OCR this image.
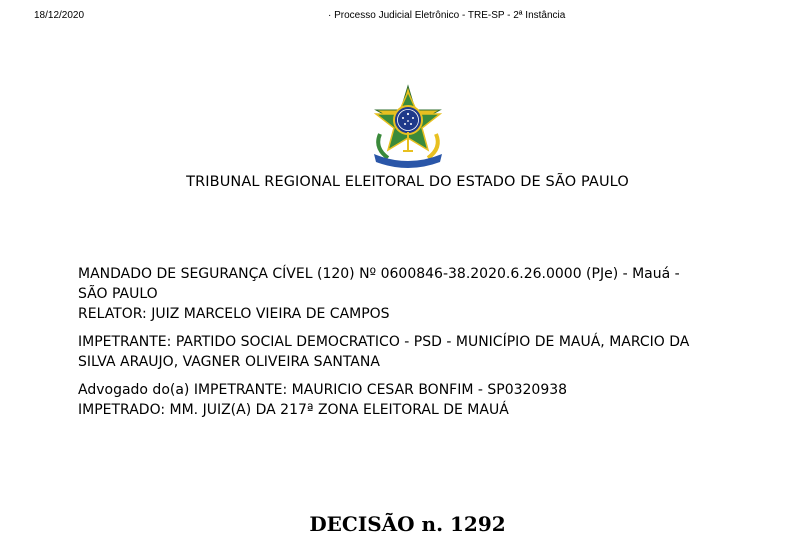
18/12/2020	· Processo Judicial Eletrônico - TRE-SP - 2ª Instância
TRIBUNAL REGIONAL ELEITORAL DO ESTADO DE SÃO PAULO

MANDADO DE SEGURANÇA CÍVEL (120) Nº 0600846-38.2020.6.26.0000 (PJe) - Mauá -

SÃO PAULO

RELATOR: JUIZ MARCELO VIEIRA DE CAMPOS

IMPETRANTE: PARTIDO SOCIAL DEMOCRATICO - PSD - MUNICÍPIO DE MAUÁ, MARCIO DA

SILVA ARAUJO, VAGNER OLIVEIRA SANTANA

Advogado do(a) IMPETRANTE: MAURICIO CESAR BONFIM - SP0320938

IMPETRADO: MM. JUIZ(A) DA 217ª ZONA ELEITORAL DE MAUÁ

DECISÃO n. 1292
